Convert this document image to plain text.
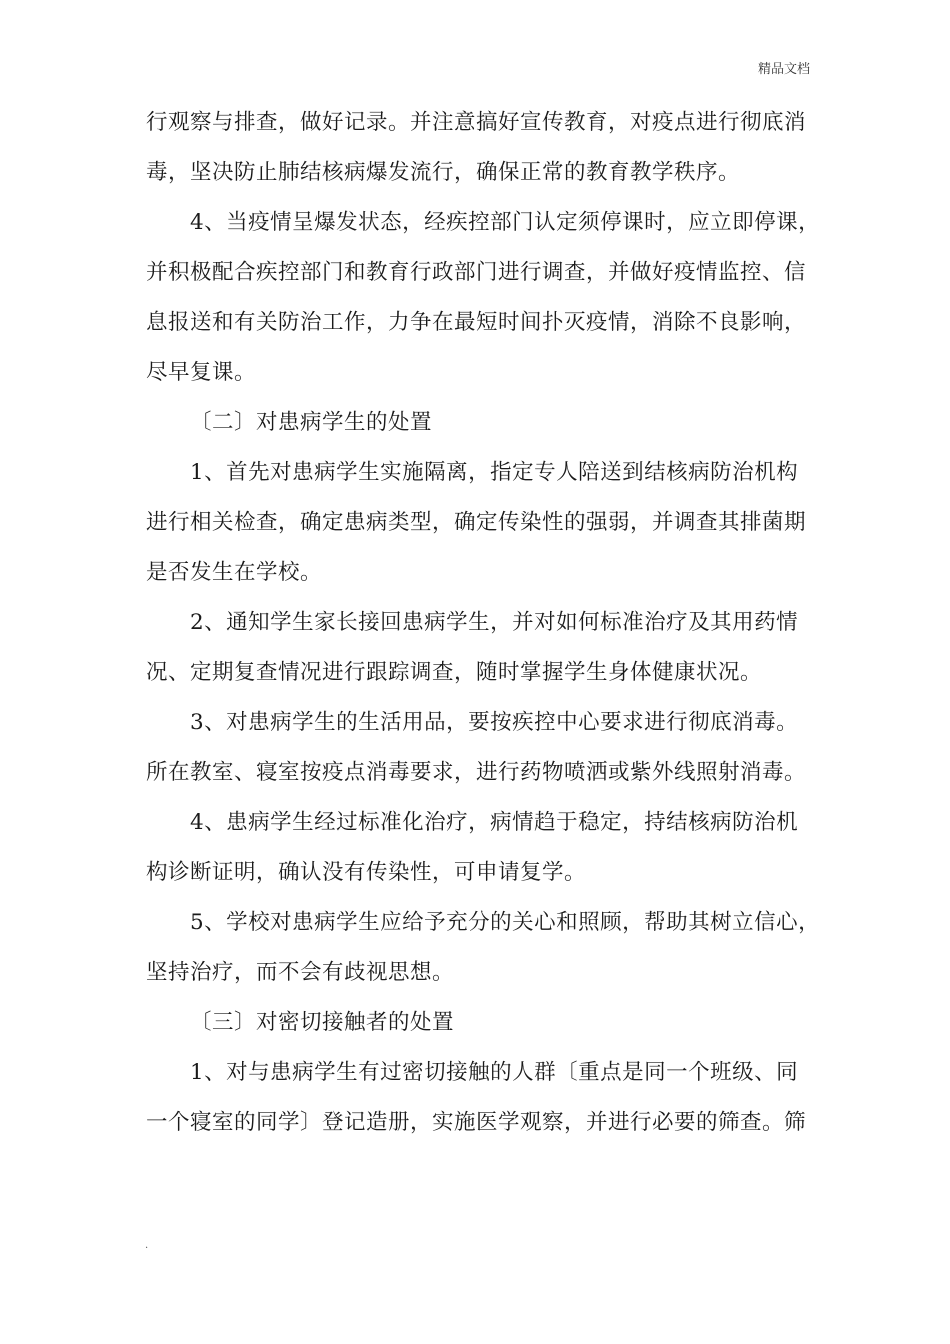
精品文档
行观察与排查，做好记录。并注意搞好宣传教育，对疫点进行彻底消
毒，坚决防止肺结核病爆发流行，确保正常的教育教学秩序。
4、当疫情呈爆发状态，经疾控部门认定须停课时，应立即停课，
并积极配合疾控部门和教育行政部门进行调查，并做好疫情监控、信
息报送和有关防治工作，力争在最短时间扑灭疫情，消除不良影响，
尽早复课。
〔二〕对患病学生的处置
1、首先对患病学生实施隔离，指定专人陪送到结核病防治机构
进行相关检查，确定患病类型，确定传染性的强弱，并调查其排菌期
是否发生在学校。
2、通知学生家长接回患病学生，并对如何标准治疗及其用药情
况、定期复查情况进行跟踪调查，随时掌握学生身体健康状况。
3、对患病学生的生活用品，要按疾控中心要求进行彻底消毒。
所在教室、寝室按疫点消毒要求，进行药物喷洒或紫外线照射消毒。
4、患病学生经过标准化治疗，病情趋于稳定，持结核病防治机
构诊断证明，确认没有传染性，可申请复学。
5、学校对患病学生应给予充分的关心和照顾，帮助其树立信心，
坚持治疗，而不会有歧视思想。
〔三〕对密切接触者的处置
1、对与患病学生有过密切接触的人群〔重点是同一个班级、同
一个寝室的同学〕登记造册，实施医学观察，并进行必要的筛查。筛
.
